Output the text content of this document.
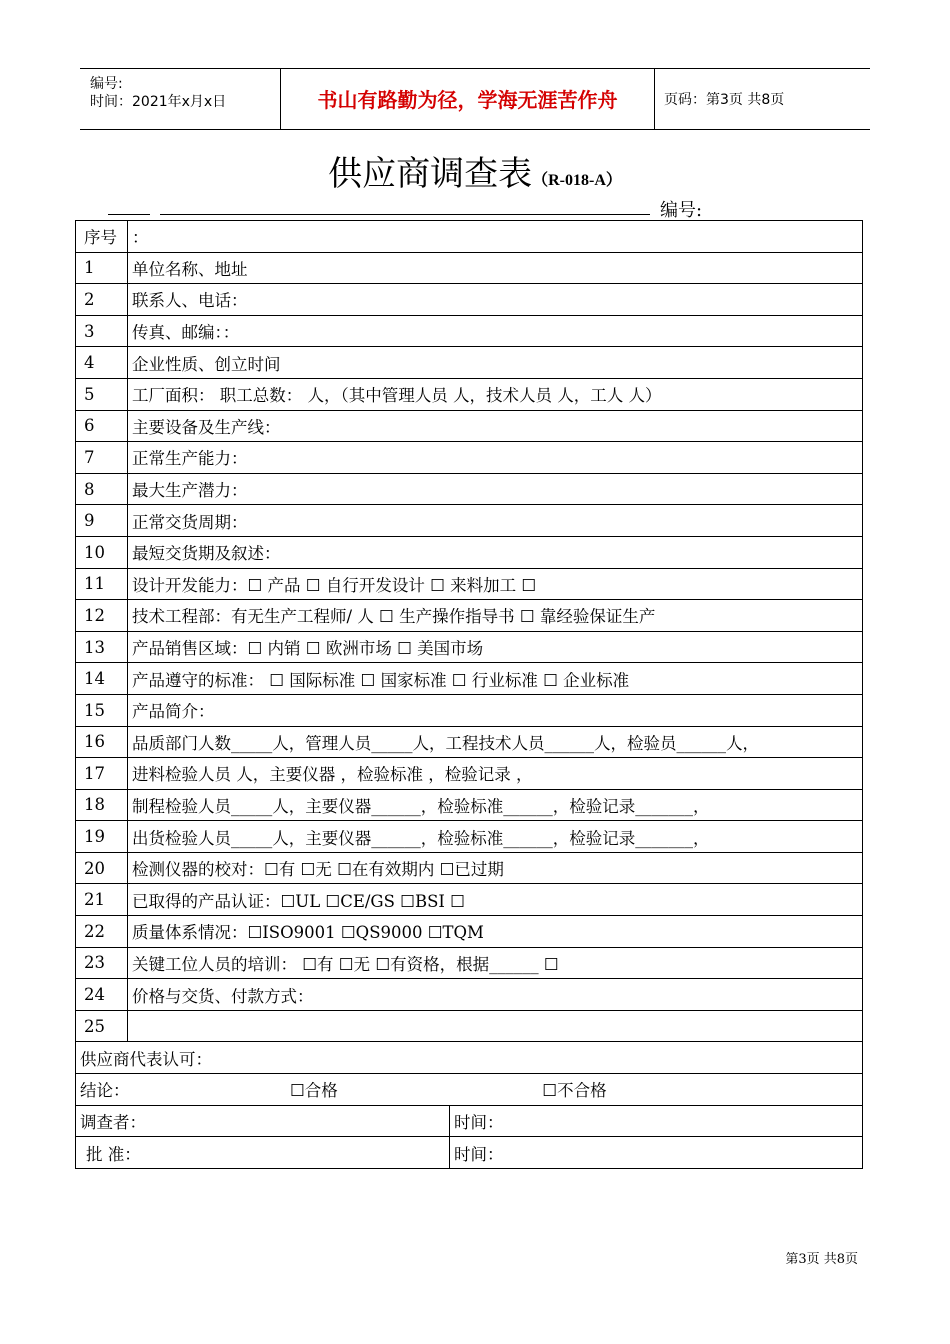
编号:
时间：2021年x月x日	书山有路勤为径，学海无涯苦作舟	页码：第3页 共8页
供应商调查表（R-018-A）
编号:
序号	：	
1	单位名称、地址	
2	联系人、电话：	
3	传真、邮编：：	
4	企业性质、创立时间	
5	工厂面积： 职工总数： 人，（其中管理人员 人，技术人员 人，工人 人）	
6	主要设备及生产线：	
7	正常生产能力：	
8	最大生产潜力：	
9	正常交货周期：	
10	最短交货期及叙述：	
11	设计开发能力：☐ 产品 ☐ 自行开发设计 ☐ 来料加工 ☐	
12	技术工程部：有无生产工程师/ 人 ☐ 生产操作指导书 ☐ 靠经验保证生产	
13	产品销售区域：☐ 内销 ☐ 欧洲市场 ☐ 美国市场	
14	产品遵守的标准： ☐ 国际标准 ☐ 国家标准 ☐ 行业标准 ☐ 企业标准	
15	产品简介：	
16	品质部门人数_____人，管理人员_____人，工程技术人员______人，检验员______人，	
17	进料检验人员 人，主要仪器 ，检验标准 ，检验记录 ，	
18	制程检验人员_____人，主要仪器______，检验标准______，检验记录_______，	
19	出货检验人员_____人，主要仪器______，检验标准______，检验记录_______，	
20	检测仪器的校对：☐有 ☐无 ☐在有效期内 ☐已过期	
21	已取得的产品认证：☐UL ☐CE/GS ☐BSI ☐	
22	质量体系情况：☐ISO9001 ☐QS9000 ☐TQM	
23	关键工位人员的培训： ☐有 ☐无 ☐有资格，根据______ ☐	
24	价格与交货、付款方式：	
25		
供应商代表认可：		
结论： ☐合格 ☐不合格		
调查者：		时间：
批 准：		时间：
第3页 共8页
